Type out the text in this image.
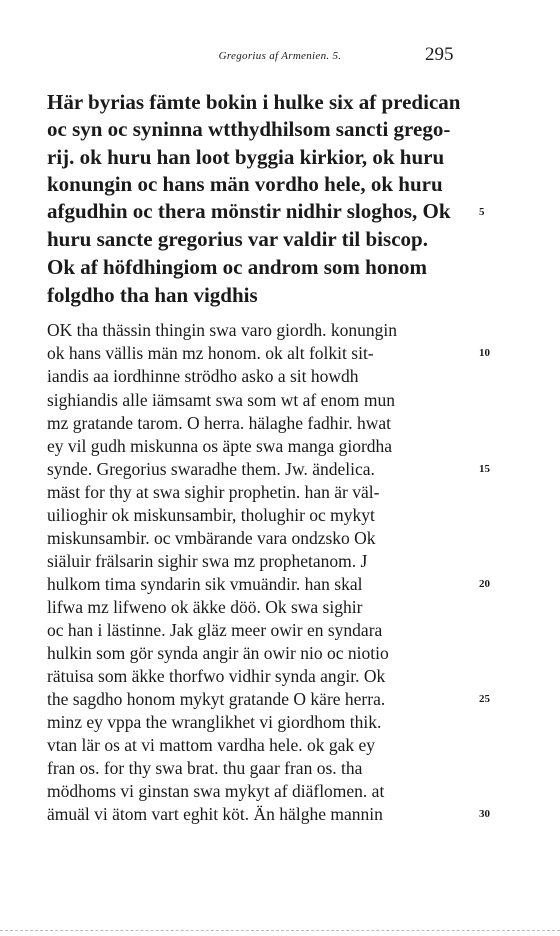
Gregorius af Armenien. 5.	295
Här byrias fämte bokin i hulke six af predican
oc syn oc syninna wtthydhilsom sancti grego-
rij. ok huru han loot byggia kirkior, ok huru
konungin oc hans män vordho hele, ok huru
afgudhin oc thera mönstir nidhir sloghos, Ok
huru sancte gregorius var valdir til biscop.
Ok af höfdhingiom oc androm som honom
folgdho tha han vigdhis
OK tha thässin thingin swa varo giordh. konungin
ok hans vällis män mz honom. ok alt folkit sit-
iandis aa iordhinne strödho asko a sit howdh
sighiandis alle iämsamt swa som wt af enom mun
mz gratande tarom. O herra. hälaghe fadhir. hwat
ey vil gudh miskunna os äpte swa manga giordha
synde. Gregorius swaradhe them. Jw. ändelica.
mäst for thy at swa sighir prophetin. han är väl-
uilioghir ok miskunsambir, tholughir oc mykyt
miskunsambir. oc vmbärande vara ondzsko Ok
siäluir frälsarin sighir swa mz prophetanom. J
hulkom tima syndarin sik vmuändir. han skal
lifwa mz lifweno ok äkke döö. Ok swa sighir
oc han i lästinne. Jak gläz meer owir en syndara
hulkin som gör synda angir än owir nio oc niotio
rätuisa som äkke thorfwo vidhir synda angir. Ok
the sagdho honom mykyt gratande O käre herra.
minz ey vppa the wranglikhet vi giordhom thik.
vtan lär os at vi mattom vardha hele. ok gak ey
fran os. for thy swa brat. thu gaar fran os. tha
mödhoms vi ginstan swa mykyt af diäflomen. at
ämuäl vi ätom vart eghit köt. Än hälghe mannin
5
10
15
20
25
30
